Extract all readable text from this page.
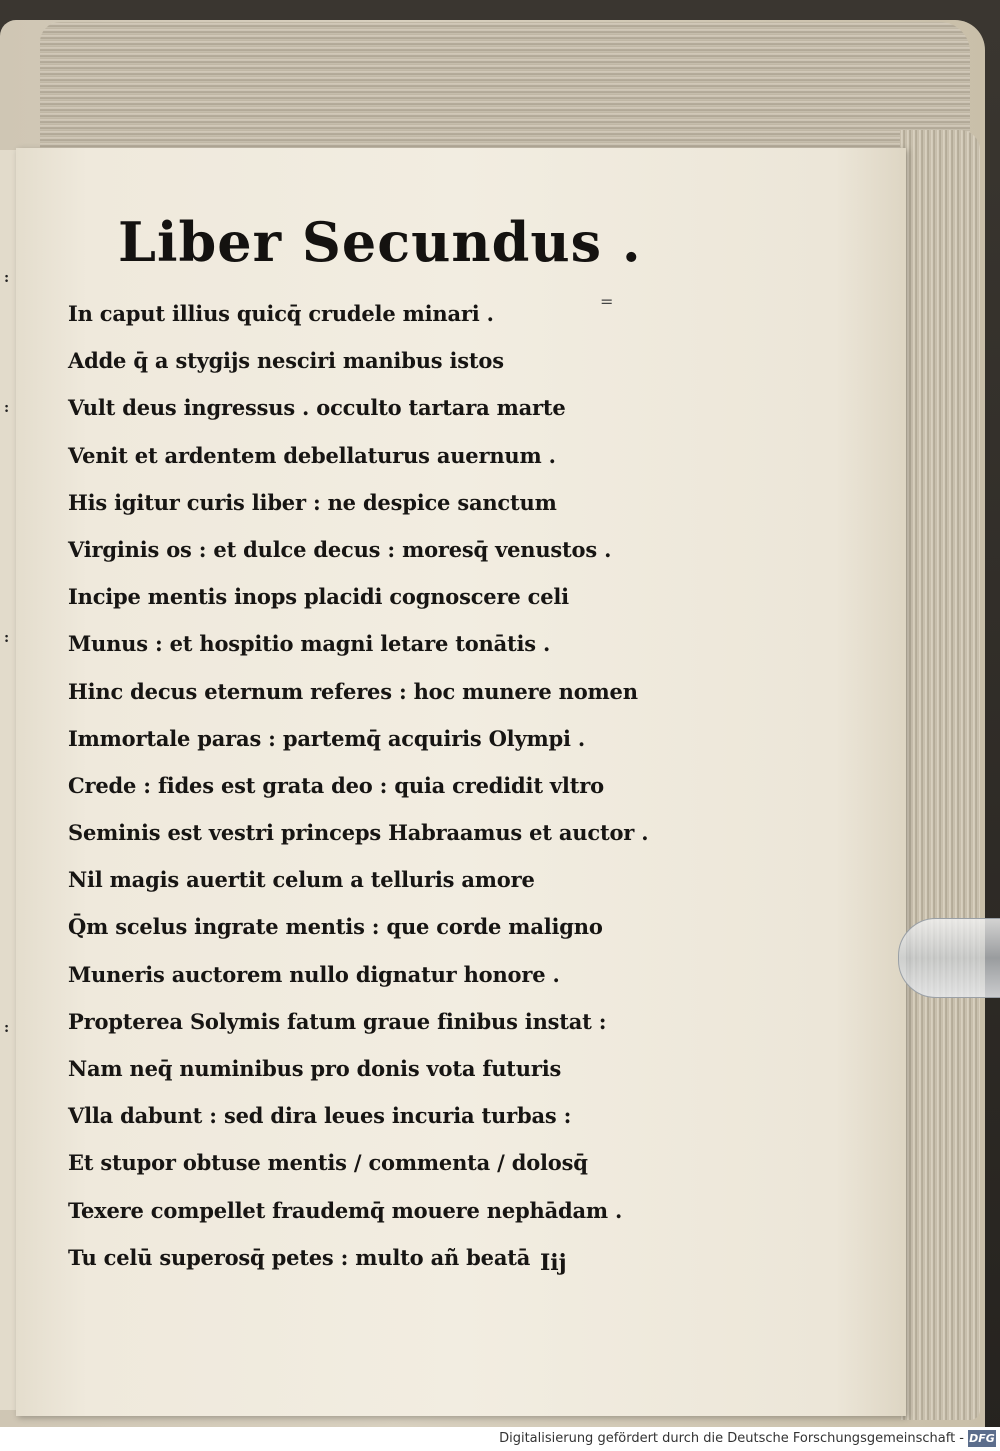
:
:
:
:
Liber Secundus .
=
In caput illius quicq̄ crudele minari .
Adde q̄ a stygijs nesciri manibus istos
Vult deus ingressus . occulto tartara marte
Venit et ardentem debellaturus auernum .
His igitur curis liber : ne despice sanctum
Virginis os : et dulce decus : moresq̄ venustos .
Incipe mentis inops placidi cognoscere celi
Munus : et hospitio magni letare tonātis .
Hinc decus eternum referes : hoc munere nomen
Immortale paras : partemq̄ acquiris Olympi .
Crede : fides est grata deo : quia credidit vltro
Seminis est vestri princeps Habraamus et auctor .
Nil magis auertit celum a telluris amore
Q̄m scelus ingrate mentis : que corde maligno
Muneris auctorem nullo dignatur honore .
Propterea Solymis fatum graue finibus instat :
Nam neq̄ numinibus pro donis vota futuris
Vlla dabunt : sed dira leues incuria turbas :
Et stupor obtuse mentis / commenta / dolosq̄
Texere compellet fraudemq̄ mouere nephādam .
Tu celū superosq̄ petes : multo añ beatā Iij
Digitalisierung gefördert durch die Deutsche Forschungsgemeinschaft - DFG
